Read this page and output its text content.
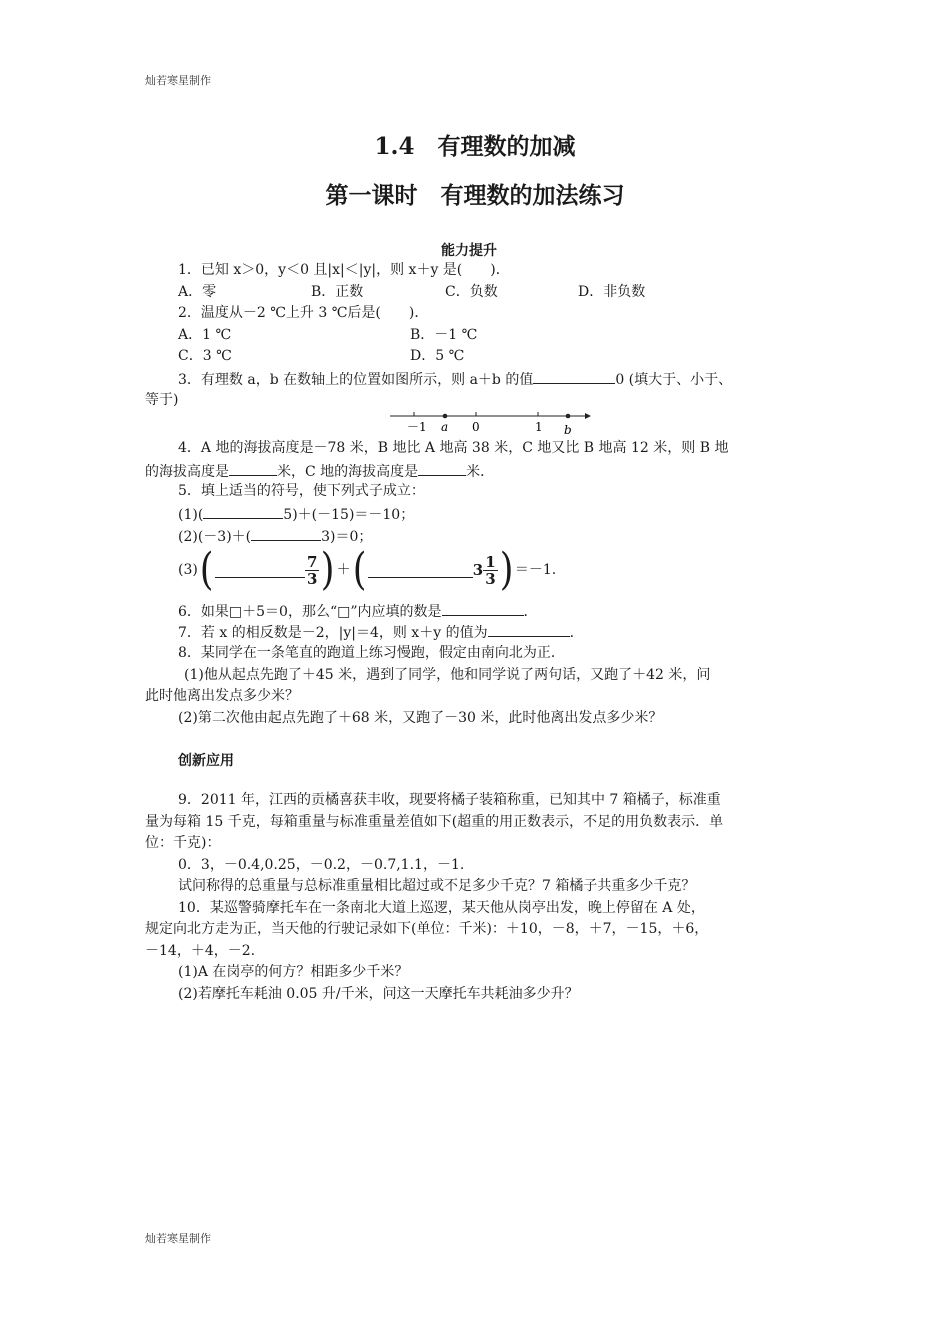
灿若寒星制作
1.4　有理数的加减
第一课时　有理数的加法练习
能力提升
1．已知 x＞0，y＜0 且|x|＜|y|，则 x＋y 是(　　)．
A．零	B．正数	C．负数	D．非负数
2．温度从－2 ℃上升 3 ℃后是(　　)．
A．1 ℃	B．－1 ℃
C．3 ℃	D．5 ℃
3．有理数 a，b 在数轴上的位置如图所示，则 a＋b 的值	0 (填大于、小于、
等于)
－1 a 0	1 b
4．A 地的海拔高度是－78 米，B 地比 A 地高 38 米，C 地又比 B 地高 12 米，则 B 地
的海拔高度是	米，C 地的海拔高度是	米．
5．填上适当的符号，使下列式子成立：
(1)(	5)＋(－15)＝－10；
(2)(－3)＋(	3)＝0；
(3)(	$\frac{7}{3}$ ) ＋(	$3 \frac{1}{3}$ ) ＝－1.
6．如果□＋5＝0，那么“□”内应填的数是	．
7．若 x 的相反数是－2，|y|＝4，则 x＋y 的值为	．
8．某同学在一条笔直的跑道上练习慢跑，假定由南向北为正．
(1)他从起点先跑了＋45 米，遇到了同学，他和同学说了两句话，又跑了＋42 米，问
此时他离出发点多少米？
(2)第二次他由起点先跑了＋68 米，又跑了－30 米，此时他离出发点多少米？
创新应用
9．2011 年，江西的贡橘喜获丰收，现要将橘子装箱称重，已知其中 7 箱橘子，标准重
量为每箱 15 千克，每箱重量与标准重量差值如下(超重的用正数表示，不足的用负数表示．单
位：千克)：
0．3，－0.4,0.25，－0.2，－0.7,1.1，－1.
试问称得的总重量与总标准重量相比超过或不足多少千克？7 箱橘子共重多少千克？
10．某巡警骑摩托车在一条南北大道上巡逻，某天他从岗亭出发，晚上停留在 A 处，
规定向北方走为正，当天他的行驶记录如下(单位：千米)：＋10，－8，＋7，－15，＋6，
－14，＋4，－2.
(1)A 在岗亭的何方？相距多少千米？
(2)若摩托车耗油 0.05 升/千米，问这一天摩托车共耗油多少升？
灿若寒星制作
